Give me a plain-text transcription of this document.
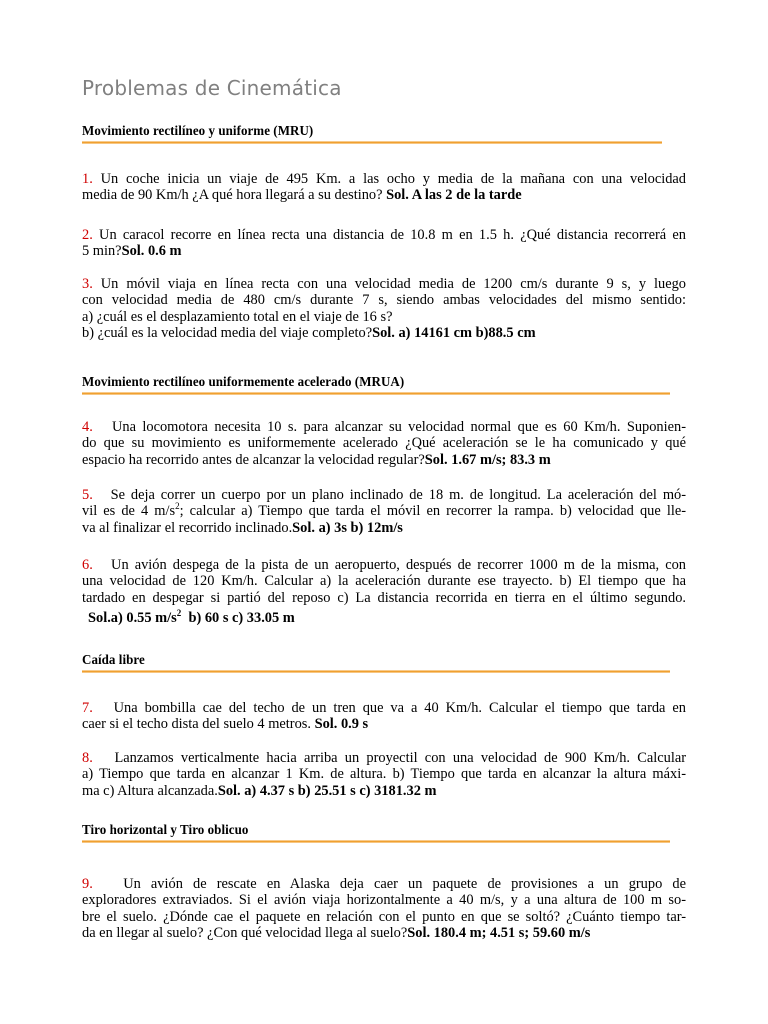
Problemas de Cinemática
Movimiento rectilíneo y uniforme (MRU)
1. Un coche inicia un viaje de 495 Km. a las ocho y media de la mañana con una velocidad
media de 90 Km/h ¿A qué hora llegará a su destino? Sol. A las 2 de la tarde
2. Un caracol recorre en línea recta una distancia de 10.8 m en 1.5 h. ¿Qué distancia recorrerá en
5 min?Sol. 0.6 m
3. Un móvil viaja en línea recta con una velocidad media de 1200 cm/s durante 9 s, y luego
con velocidad media de 480 cm/s durante 7 s, siendo ambas velocidades del mismo sentido:
a) ¿cuál es el desplazamiento total en el viaje de 16 s?
b) ¿cuál es la velocidad media del viaje completo?Sol. a) 14161 cm b)88.5 cm
Movimiento rectilíneo uniformemente acelerado (MRUA)
4.   Una locomotora necesita 10 s. para alcanzar su velocidad normal que es 60 Km/h. Suponien-
do que su movimiento es uniformemente acelerado ¿Qué aceleración se le ha comunicado y qué
espacio ha recorrido antes de alcanzar la velocidad regular?Sol. 1.67 m/s; 83.3 m
5.   Se deja correr un cuerpo por un plano inclinado de 18 m. de longitud. La aceleración del mó-
vil es de 4 $m/s^2$; calcular a) Tiempo que tarda el móvil en recorrer la rampa. b) velocidad que lle-
va al finalizar el recorrido inclinado.Sol. a) 3s b) 12m/s
6.   Un avión despega de la pista de un aeropuerto, después de recorrer 1000 m de la misma, con
una velocidad de 120 Km/h. Calcular a) la aceleración durante ese trayecto. b) El tiempo que ha
tardado en despegar si partió del reposo c) La distancia recorrida en tierra en el último segundo.
Sol.a) 0.55 $m/s^2$  b) 60 s c) 33.05 m
Caída libre
7.   Una bombilla cae del techo de un tren que va a 40 Km/h. Calcular el tiempo que tarda en
caer si el techo dista del suelo 4 metros. Sol. 0.9 s
8.   Lanzamos verticalmente hacia arriba un proyectil con una velocidad de 900 Km/h. Calcular
a) Tiempo que tarda en alcanzar 1 Km. de altura. b) Tiempo que tarda en alcanzar la altura máxi-
ma c) Altura alcanzada.Sol. a) 4.37 s b) 25.51 s c) 3181.32 m
Tiro horizontal y Tiro oblicuo
9.   Un avión de rescate en Alaska deja caer un paquete de provisiones a un grupo de
exploradores extraviados. Si el avión viaja horizontalmente a 40 m/s, y a una altura de 100 m so-
bre el suelo. ¿Dónde cae el paquete en relación con el punto en que se soltó? ¿Cuánto tiempo tar-
da en llegar al suelo? ¿Con qué velocidad llega al suelo?Sol. 180.4 m; 4.51 s; 59.60 m/s
